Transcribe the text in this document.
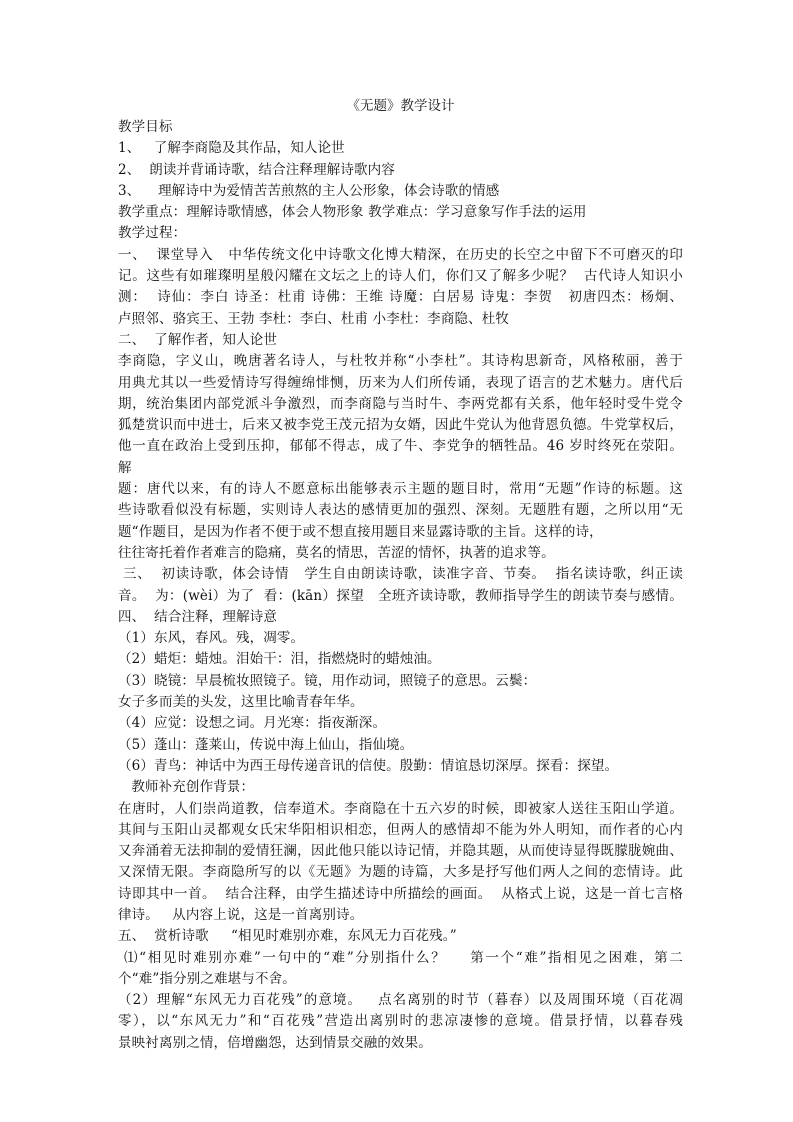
《无题》教学设计
教学目标
1、   了解李商隐及其作品，知人论世
2、  朗读并背诵诗歌，结合注释理解诗歌内容
3、    理解诗中为爱情苦苦煎熬的主人公形象，体会诗歌的情感
教学重点：理解诗歌情感，体会人物形象 教学难点：学习意象写作手法的运用
教学过程：
一、  课堂导入   中华传统文化中诗歌文化博大精深，在历史的长空之中留下不可磨灭的印
记。这些有如璀璨明星般闪耀在文坛之上的诗人们，你们又了解多少呢？  古代诗人知识小
测：  诗仙：李白 诗圣：杜甫 诗佛：王维 诗魔：白居易 诗鬼：李贺   初唐四杰：杨炯、
卢照邻、骆宾王、王勃 李杜：李白、杜甫 小李杜：李商隐、杜牧
二、  了解作者，知人论世
李商隐，字义山，晚唐著名诗人，与杜牧并称“小李杜”。其诗构思新奇，风格秾丽，善于
用典尤其以一些爱情诗写得缠绵悱恻，历来为人们所传诵，表现了语言的艺术魅力。唐代后
期，统治集团内部党派斗争激烈，而李商隐与当时牛、李两党都有关系，他年轻时受牛党令
狐楚赏识而中进士，后来又被李党王茂元招为女婿，因此牛党认为他背恩负德。牛党掌权后，
他一直在政治上受到压抑，郁郁不得志，成了牛、李党争的牺牲品。46 岁时终死在荥阳。   解
题：唐代以来，有的诗人不愿意标出能够表示主题的题目时，常用“无题”作诗的标题。这
些诗歌看似没有标题，实则诗人表达的感情更加的强烈、深刻。无题胜有题，之所以用“无
题“作题目，是因为作者不便于或不想直接用题目来显露诗歌的主旨。这样的诗，
往往寄托着作者难言的隐痛，莫名的情思，苦涩的情怀，执著的追求等。
三、  初读诗歌，体会诗情   学生自由朗读诗歌，读准字音、节奏。  指名读诗歌，纠正读
音。  为：(wèi）为了  看：(kān）探望   全班齐读诗歌，教师指导学生的朗读节奏与感情。
四、  结合注释，理解诗意
（1）东风，春风。残，凋零。
（2）蜡炬：蜡烛。泪始干：泪，指燃烧时的蜡烛油。
（3）晓镜：早晨梳妆照镜子。镜，用作动词，照镜子的意思。云鬓：
女子多而美的头发，这里比喻青春年华。
（4）应觉：设想之词。月光寒：指夜渐深。
（5）蓬山：蓬莱山，传说中海上仙山，指仙境。
（6）青鸟：神话中为西王母传递音讯的信使。殷勤：情谊恳切深厚。探看：探望。
教师补充创作背景：
在唐时，人们崇尚道教，信奉道术。李商隐在十五六岁的时候，即被家人送往玉阳山学道。
其间与玉阳山灵都观女氏宋华阳相识相恋，但两人的感情却不能为外人明知，而作者的心内
又奔涌着无法抑制的爱情狂澜，因此他只能以诗记情，并隐其题，从而使诗显得既朦胧婉曲、
又深情无限。李商隐所写的以《无题》为题的诗篇，大多是抒写他们两人之间的恋情诗。此
诗即其中一首。  结合注释，由学生描述诗中所描绘的画面。  从格式上说，这是一首七言格
律诗。   从内容上说，这是一首离别诗。
五、  赏析诗歌     “相见时难别亦难，东风无力百花残。”
⑴“相见时难别亦难”一句中的“难”分别指什么？    第一个“难”指相见之困难，第二
个“难”指分别之难堪与不舍。
（2）理解“东风无力百花残”的意境。   点名离别的时节（暮春）以及周围环境（百花凋
零），以“东风无力”和“百花残”营造出离别时的悲凉凄惨的意境。借景抒情，以暮春残
景映衬离别之情，倍增幽怨，达到情景交融的效果。
